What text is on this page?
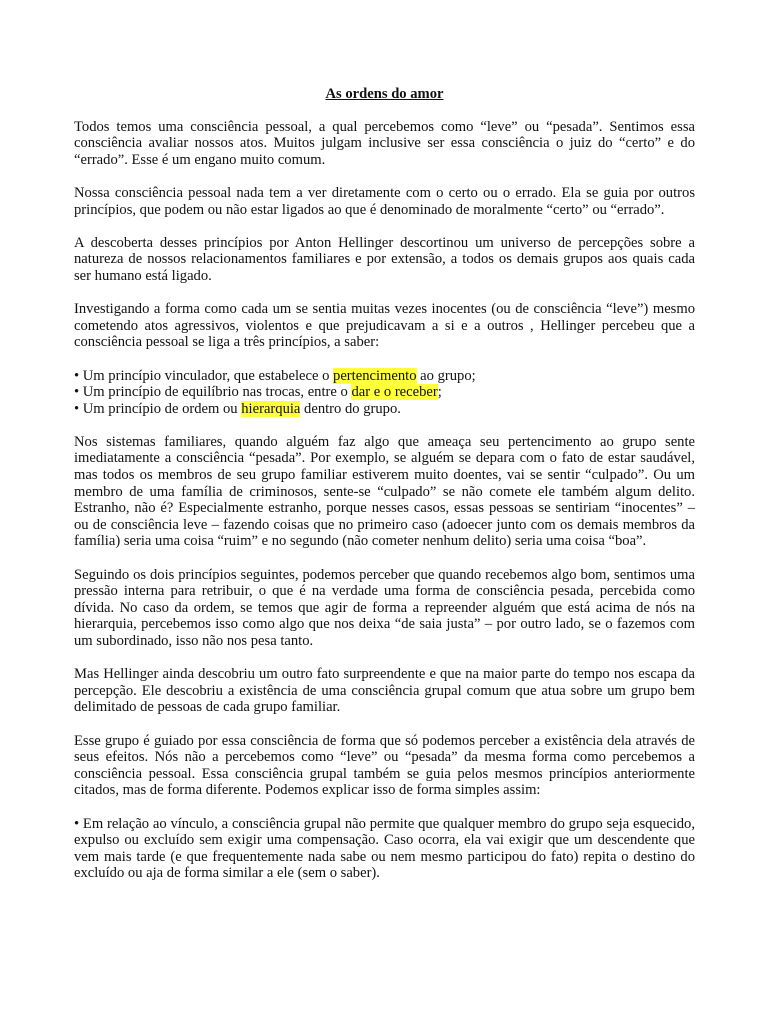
As ordens do amor

Todos temos uma consciência pessoal, a qual percebemos como “leve” ou “pesada”. Sentimos essa consciência avaliar nossos atos. Muitos julgam inclusive ser essa consciência o juiz do “certo” e do “errado”. Esse é um engano muito comum.

Nossa consciência pessoal nada tem a ver diretamente com o certo ou o errado. Ela se guia por outros princípios, que podem ou não estar ligados ao que é denominado de moralmente “certo” ou “errado”.

A descoberta desses princípios por Anton Hellinger descortinou um universo de percepções sobre a natureza de nossos relacionamentos familiares e por extensão, a todos os demais grupos aos quais cada ser humano está ligado.

Investigando a forma como cada um se sentia muitas vezes inocentes (ou de consciência “leve”) mesmo cometendo atos agressivos, violentos e que prejudicavam a si e a outros , Hellinger percebeu que a consciência pessoal se liga a três princípios, a saber:

• Um princípio vinculador, que estabelece o pertencimento ao grupo;
• Um princípio de equilíbrio nas trocas, entre o dar e o receber;
• Um princípio de ordem ou hierarquia dentro do grupo.

Nos sistemas familiares, quando alguém faz algo que ameaça seu pertencimento ao grupo sente imediatamente a consciência “pesada”. Por exemplo, se alguém se depara com o fato de estar saudável, mas todos os membros de seu grupo familiar estiverem muito doentes, vai se sentir “culpado”. Ou um membro de uma família de criminosos, sente-se “culpado” se não comete ele também algum delito. Estranho, não é? Especialmente estranho, porque nesses casos, essas pessoas se sentiriam “inocentes” – ou de consciência leve – fazendo coisas que no primeiro caso (adoecer junto com os demais membros da família) seria uma coisa “ruim” e no segundo (não cometer nenhum delito) seria uma coisa “boa”.

Seguindo os dois princípios seguintes, podemos perceber que quando recebemos algo bom, sentimos uma pressão interna para retribuir, o que é na verdade uma forma de consciência pesada, percebida como dívida. No caso da ordem, se temos que agir de forma a repreender alguém que está acima de nós na hierarquia, percebemos isso como algo que nos deixa “de saia justa” – por outro lado, se o fazemos com um subordinado, isso não nos pesa tanto.

Mas Hellinger ainda descobriu um outro fato surpreendente e que na maior parte do tempo nos escapa da percepção. Ele descobriu a existência de uma consciência grupal comum que atua sobre um grupo bem delimitado de pessoas de cada grupo familiar.

Esse grupo é guiado por essa consciência de forma que só podemos perceber a existência dela através de seus efeitos. Nós não a percebemos como “leve” ou “pesada” da mesma forma como percebemos a consciência pessoal. Essa consciência grupal também se guia pelos mesmos princípios anteriormente citados, mas de forma diferente. Podemos explicar isso de forma simples assim:

• Em relação ao vínculo, a consciência grupal não permite que qualquer membro do grupo seja esquecido, expulso ou excluído sem exigir uma compensação. Caso ocorra, ela vai exigir que um descendente que vem mais tarde (e que frequentemente nada sabe ou nem mesmo participou do fato) repita o destino do excluído ou aja de forma similar a ele (sem o saber).
